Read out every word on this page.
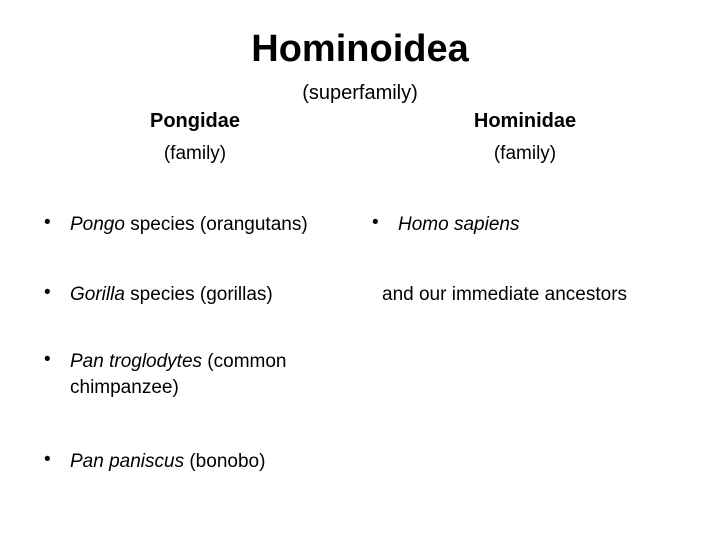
Hominoidea
(superfamily)
Pongidae
(family)
Hominidae
(family)
•	Pongo species (orangutans)
•	Gorilla species (gorillas)
•	Pan troglodytes (common chimpanzee)
•	Pan paniscus (bonobo)
•	Homo sapiens
and our immediate ancestors
